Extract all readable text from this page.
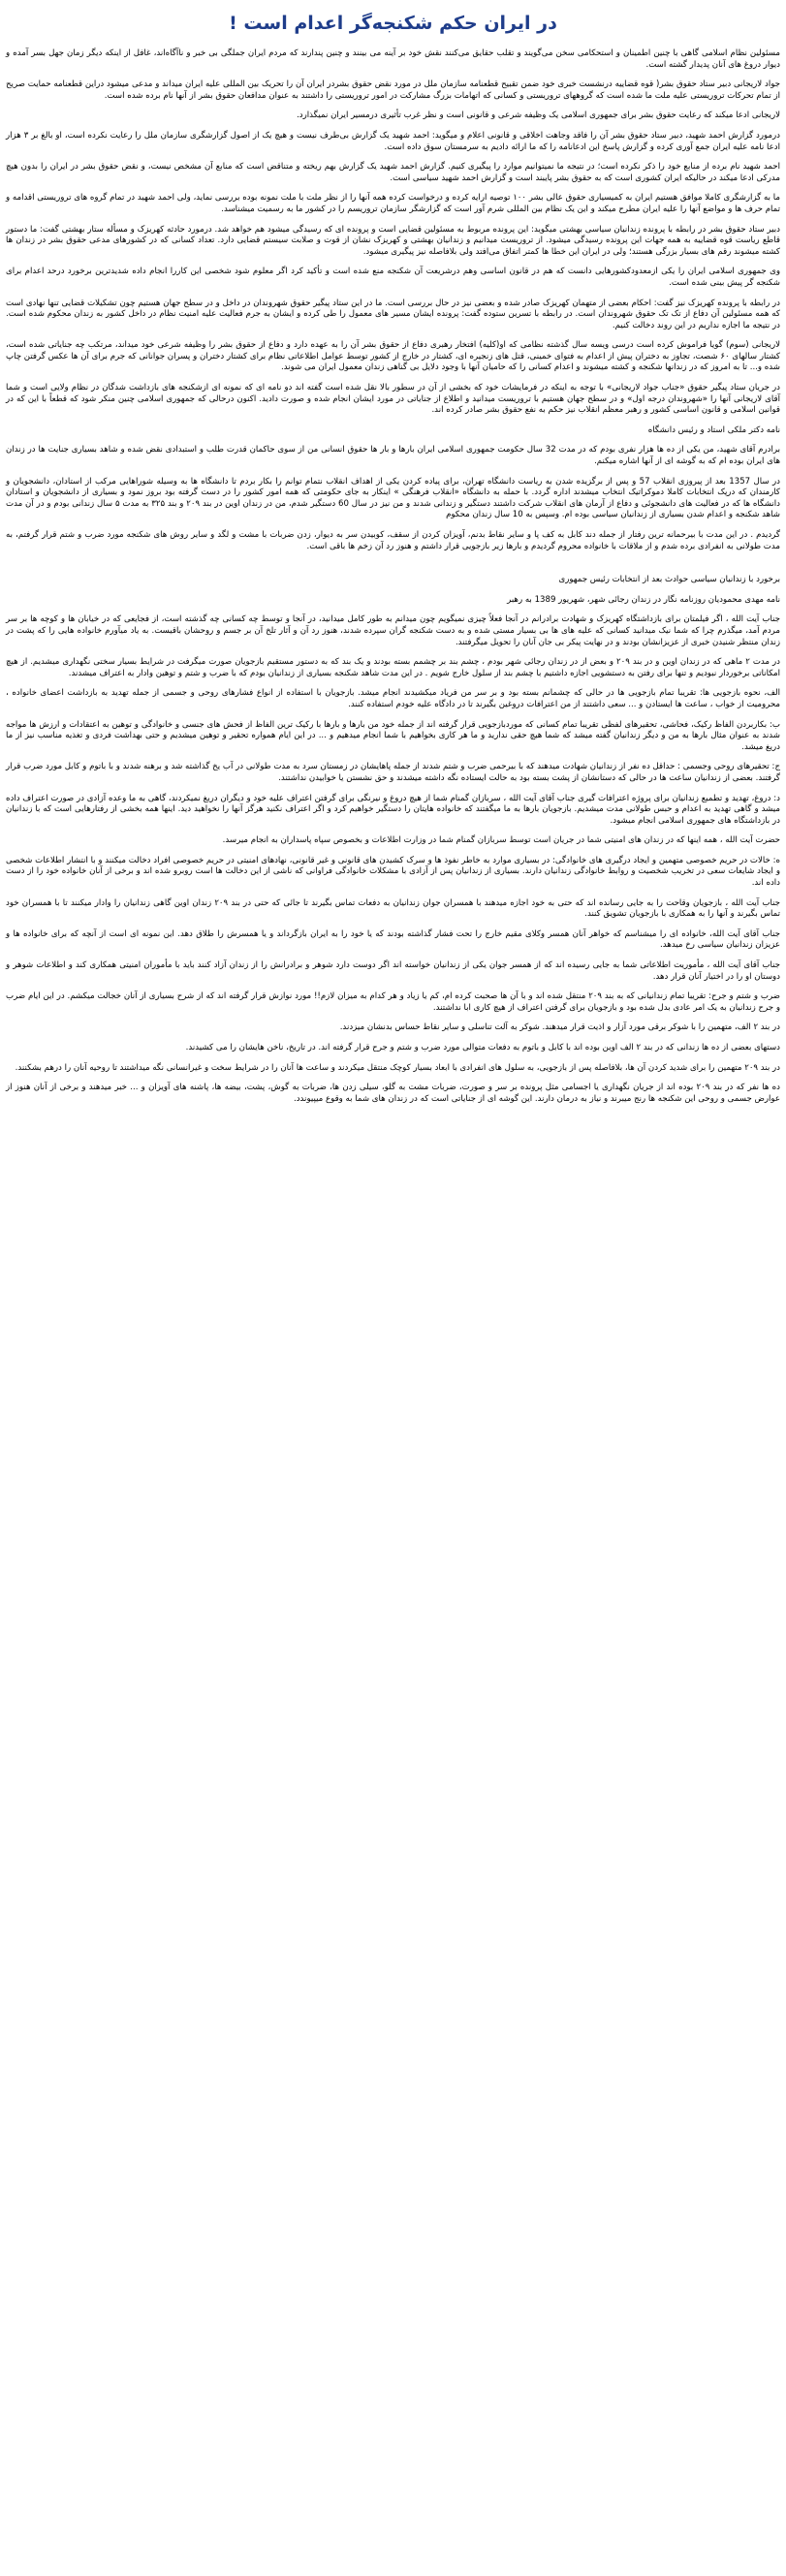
در ایران حکم شکنجه‌گر اعدام است !

مسئولین نظام اسلامی گاهی با چنین اطمینان و استحکامی سخن می‌گویند و تقلب حقایق می‌کنند نقش خود بر آینه می بینند و چنین پندارند که مردم ایران جملگی بی خبر و ناآگاه‌اند، غافل از اینکه دیگر زمان جهل بسر آمده و دیوار دروغ های آنان پدیدار گشته است.

جواد لاریجانی دبیر ستاد حقوق بشر( قوه قضاییه درنشست خبری خود ضمن تقبیح قطعنامه سازمان ملل در مورد نقض حقوق بشردر ایران آن را تحریک بین المللی علیه ایران میداند و مدعی میشود دراین قطعنامه حمایت صریح از تمام تحرکات تروریستی علیه ملت ما شده است که گروههای تروریستی و کسانی که اتهامات بزرگ مشارکت در امور تروریستی را داشتند به عنوان مدافعان حقوق بشر از آنها نام برده شده است.

لاریجانی ادعا میکند که رعایت حقوق بشر برای جمهوری اسلامی یک وظیفه شرعی و قانونی است و نظر غرب تأثیری درمسیر ایران نمیگذارد.

درمورد گزارش احمد شهید، دبیر ستاد حقوق بشر آن را فاقد وجاهت اخلاقی و قانونی اعلام و میگوید: احمد شهید یک گزارش بی‌طرف نیست و هیچ یک از اصول گزارشگری سازمان ملل را رعایت نکرده است، او بالغ بر ۳ هزار ادعا نامه علیه ایران جمع آوری کرده و گزارش پاسخ این ادعانامه را که ما ارائه دادیم به سرمستان سوق داده است.

احمد شهید نام برده از منابع خود را ذکر نکرده است؛ در نتیجه ما نمیتوانیم موارد را پیگیری کنیم. گزارش احمد شهید یک گزارش بهم ریخته و متناقض است که منابع آن مشخص نیست، و نقض حقوق بشر در ایران را بدون هیچ مدرکی ادعا میکند در حالیکه ایران کشوری است که به حقوق بشر پایبند است و گزارش احمد شهید سیاسی است.

ما به گزارشگری کاملا موافق هستیم ایران به کمیسیاری حقوق عالی بشر ۱۰۰ توصیه ارایه کرده و درخواست کرده همه آنها را از نظر ملت با ملت نمونه بوده بررسی نماید، ولی احمد شهید در تمام گروه های تروریستی اقدامه و تمام حرف ها و مواضع آنها را علیه ایران مطرح میکند و این یک نظام بین المللی شرم آور است که گزارشگر سازمان تروریسم را در کشور ما به رسمیت میشناسد.

دبیر ستاد حقوق بشر در رابطه با پرونده زندانیان سیاسی بهشتی میگوید: این پرونده مربوط به مسئولین قضایی است و پرونده ای که رسیدگی میشود هم خواهد شد. درمورد حادثه کهریزک و مسأله ستار بهشتی گفت: ما دستور قاطع ریاست قوه قضاییه به همه جهات این پرونده رسیدگی میشود. از تروریست میدانیم و زندانیان بهشتی و کهریزک نشان از قوت و صلابت سیستم قضایی دارد. تعداد کسانی که در کشورهای مدعی حقوق بشر در زندان ها کشته میشوند رقم های بسیار بزرگی هستند؛ ولی در ایران این خطا ها کمتر اتفاق می‌افتد ولی بلافاصله نیز پیگیری میشود.

وی جمهوری اسلامی ایران را یکی ازمعدودکشورهایی دانست که هم در قانون اساسی وهم درشریعت آن شکنجه منع شده است و تأکید کرد اگر معلوم شود شخصی این کاررا انجام داده شدیدترین برخورد درحد اعدام برای شکنجه گر پیش بینی شده است.

در رابطه با پرونده کهریزک نیز گفت: احکام بعضی از متهمان کهریزک صادر شده و بعضی نیز در حال بررسی است. ما در این ستاد پیگیر حقوق شهروندان در داخل و در سطح جهان هستیم چون تشکیلات قضایی تنها نهادی است که همه مسئولین آن دفاع از تک تک حقوق شهروندان است. در رابطه با تسرین ستوده گفت: پرونده ایشان مسیر های معمول را طی کرده و ایشان به جرم فعالیت علیه امنیت نظام در داخل کشور به زندان محکوم شده است. در نتیجه ما اجازه نداریم در این روند دخالت کنیم.

لاریجانی (سوم) گویا فراموش کرده است درسی ویسه سال گذشته نظامی که او(کلیه) افتخار رهبری دفاع از حقوق بشر آن را به عهده دارد و دفاع از حقوق بشر را وظیفه شرعی خود میداند، مرتکب چه جنایاتی شده است، کشتار سالهای ۶۰ شصت، تجاوز به دختران پیش از اعدام به فتوای خمینی، قتل های زنجیره ای، کشتار در خارج از کشور توسط عوامل اطلاعاتی نظام برای کشتار دختران و پسران جوانانی که جرم برای آن ها عکس گرفتن چاپ شده و... تا به امروز که در زندانها شکنجه و کشته میشوند و اعدام کسانی را که حامیان آنها با وجود دلایل بی گناهی زندان معمول ایران می شوند.

در جریان ستاد پیگیر حقوق «جناب جواد لاریجانی» با توجه به اینکه در فرمایشات خود که بخشی از آن در سطور بالا نقل شده است گفته اند دو نامه ای که نمونه ای ازشکنجه های بازداشت شدگان در نظام ولایی است و شما آقای لاریجانی آنها را «شهروندان درجه اول» و در سطح جهان هستیم با تروریست میدانید و اطلاع از جنایاتی در مورد ایشان انجام شده و صورت دادید. اکنون درحالی که جمهوری اسلامی چنین منکر شود که قطعاً با این که در قوانین اسلامی و قانون اساسی کشور و رهبر معظم انقلاب نیز حکم به نفع حقوق بشر صادر کرده اند.

نامه دکتر ملکی استاد و رئیس دانشگاه

برادرم آقای شهید، من یکی از ده ها هزار نفری بودم که در مدت 32 سال حکومت جمهوری اسلامی ایران بارها و بار ها حقوق انسانی من از سوی حاکمان قدرت طلب و استبدادی نقض شده و شاهد بسیاری جنایت ها در زندان های ایران بوده ام که به گوشه ای از آنها اشاره میکنم.

در سال 1357 بعد از پیروزی انقلاب 57 و پس از برگزیده شدن به ریاست دانشگاه تهران، برای پیاده کردن یکی از اهداف انقلاب نتمام توانم را بکار بردم تا دانشگاه ها به وسیله شوراهایی مرکب از استادان، دانشجویان و کارمندان که درپک انتخابات کاملا دموکراتیک انتخاب میشدند اداره گردد. با حمله به دانشگاه «انقلاب فرهنگی » اینکار به جای حکومتی که همه امور کشور را در دست گرفته بود بروز نمود و بسیاری از دانشجویان و استادان دانشگاه ها که در فعالیت های دانشجوئی و دفاع از آرمان های انقلاب شرکت داشتند دستگیر و زندانی شدند و من نیز در سال 60 دستگیر شدم، من در زندان اوین در بند ۲۰۹ و بند ۳۲۵ به مدت ۵ سال زندانی بودم و در آن مدت شاهد شکنجه و اعدام شدن بسیاری از زندانیان سیاسی بوده ام. وسپس به 10 سال زندان محکوم

گردیدم . در این مدت با بیرحمانه ترین رفتار از جمله دند کابل به کف پا و سایر نقاط بدنم، آویزان کردن از سقف، کوبیدن سر به دیوار، زدن ضربات با مشت و لگد و سایر روش های شکنجه مورد ضرب و شتم قرار گرفتم، به مدت طولانی به انفرادی برده شدم و از ملاقات با خانواده محروم گردیدم و بارها زیر بازجویی قرار داشتم و هنوز رد آن زخم ها باقی است.

برخورد با زندانیان سیاسی حوادث بعد از انتخابات رئیس جمهوری

نامه مهدی محمودیان روزنامه نگار در زندان رجائی شهر، شهریور 1389 به رهبر

جناب آیت الله ، اگر فیلمتان برای بازداشتگاه کهریزک و شهادت برادرانم در آنجا فعلاً چیزی نمیگویم چون میدانم به طور کامل میدانید، در آنجا و توسط چه کسانی چه گذشته است، از فجایعی که در خیابان ها و کوچه ها بر سر مردم آمد، میگذرم چرا که شما نیک میدانید کسانی که علیه های ها بی بسیار مستی شده و به دست شکنجه گران سپرده شدند، هنوز رد آن و آثار تلخ آن بر جسم و روحشان باقیست. به یاد میآورم خانواده هایی را که پشت در زندان منتظر شنیدن خبری از عزیزانشان بودند و در نهایت پیکر بی جان آنان را تحویل میگرفتند.

در مدت ۲ ماهی که در زندان اوین و در بند ۲۰۹ و بعض از در زندان رجائی شهر بودم ، چشم بند بر چشمم بسته بودند و یک بند که به دستور مستقیم بازجویان صورت میگرفت در شرایط بسیار سختی نگهداری میشدیم. از هیچ امکاناتی برخوردار نبودیم و تنها برای رفتن به دستشویی اجازه داشتیم با چشم بند از سلول خارج شویم . در این مدت شاهد شکنجه بسیاری از زندانیان بودم که با ضرب و شتم و توهین وادار به اعتراف میشدند.

الف، نحوه بازجویی ها: تقریبا تمام بازجویی ها در حالی که چشمانم بسته بود و بر سر من فریاد میکشیدند انجام میشد. بازجویان با استفاده از انواع فشارهای روحی و جسمی از جمله تهدید به بازداشت اعضای خانواده ، محرومیت از خواب ، ساعت ها ایستادن و ... سعی داشتند از من اعترافات دروغین بگیرند تا در دادگاه علیه خودم استفاده کنند.

ب: بکاربردن الفاظ رکیک، فحاشی، تحقیرهای لفظی تقریبا تمام کسانی که موردبازجویی قرار گرفته اند از جمله خود من بارها و بارها با رکیک ترین الفاظ از فحش های جنسی و خانوادگی و توهین به اعتقادات و ارزش ها مواجه شدند به عنوان مثال بارها به من و دیگر زندانیان گفته میشد که شما هیچ حقی ندارید و ما هر کاری بخواهیم با شما انجام میدهیم و ... در این ایام همواره تحقیر و توهین میشدیم و حتی بهداشت فردی و تغذیه مناسب نیز از ما دریغ میشد.

ج: تحقیرهای روحی وجسمی : حداقل ده نفر از زندانیان شهادت میدهند که با بیرحمی ضرب و شتم شدند از جمله پاهایشان در زمستان سرد به مدت طولانی در آب یخ گذاشته شد و برهنه شدند و با باتوم و کابل مورد ضرب قرار گرفتند. بعضی از زندانیان ساعت ها در حالی که دستانشان از پشت بسته بود به حالت ایستاده نگه داشته میشدند و حق نشستن یا خوابیدن نداشتند.

د: دروغ، تهدید و تطمیع زندانیان برای پروژه اعترافات گیری جناب آقای آیت الله ، سربازان گمنام شما از هیچ دروغ و نیرنگی برای گرفتن اعتراف علیه خود و دیگران دریغ نمیکردند، گاهی به ما وعده آزادی در صورت اعتراف داده میشد و گاهی تهدید به اعدام و حبس طولانی مدت میشدیم. بازجویان بارها به ما میگفتند که خانواده هایتان را دستگیر خواهیم کرد و اگر اعتراف نکنید هرگز آنها را نخواهید دید. اینها همه بخشی از رفتارهایی است که با زندانیان در بازداشتگاه های جمهوری اسلامی انجام میشود.

حضرت آیت الله ، همه اینها که در زندان های امنیتی شما در جریان است توسط سربازان گمنام شما در وزارت اطلاعات و بخصوص سپاه پاسداران به انجام میرسد.

ه: خالات در حریم خصوصی متهمین و ایجاد درگیری های خانوادگی: در بسیاری موارد به خاطر نفوذ ها و سرک کشیدن های قانونی و غیر قانونی، نهادهای امنیتی در حریم خصوصی افراد دخالت میکنند و با انتشار اطلاعات شخصی و ایجاد شایعات سعی در تخریب شخصیت و روابط خانوادگی زندانیان دارند. بسیاری از زندانیان پس از آزادی با مشکلات خانوادگی فراوانی که ناشی از این دخالت ها است روبرو شده اند و برخی از آنان خانواده خود را از دست داده اند.

جناب آیت الله ، بازجویان وقاحت را به جایی رسانده اند که حتی به خود اجازه میدهند با همسران جوان زندانیان به دفعات تماس بگیرند تا جائی که حتی در بند ۲۰۹ زندان اوین گاهی زندانیان را وادار میکنند تا با همسران خود تماس بگیرند و آنها را به همکاری با بازجویان تشویق کنند.

جناب آقای آیت الله، خانواده ای را میشناسم که خواهر آنان همسر وکلای مقیم خارج را تحت فشار گذاشته بودند که یا خود را به ایران بازگرداند و یا همسرش را طلاق دهد. این نمونه ای است از آنچه که برای خانواده ها و عزیزان زندانیان سیاسی رخ میدهد.

جناب آقای آیت الله ، مأموریت اطلاعاتی شما به جایی رسیده اند که از همسر جوان یکی از زندانیان خواسته اند اگر دوست دارد شوهر و برادرانش را از زندان آزاد کنند باید با مأموران امنیتی همکاری کند و اطلاعات شوهر و دوستان او را در اختیار آنان قرار دهد.

ضرب و شتم و جرح: تقریبا تمام زندانیانی که به بند ۲۰۹ منتقل شده اند و با آن ها صحبت کرده ام، کم یا زیاد و هر کدام به میزان لازم!! مورد نوازش قرار گرفته اند که از شرح بسیاری از آنان خجالت میکشم. در این ایام ضرب و جرح زندانیان به یک امر عادی بدل شده بود و بازجویان برای گرفتن اعتراف از هیچ کاری ابا نداشتند.

در بند ۲ الف، متهمین را با شوکر برقی مورد آزار و اذیت قرار میدهند. شوکر به آلت تناسلی و سایر نقاط حساس بدنشان میزدند.

دستهای بعضی از ده ها زندانی که در بند ۲ الف اوین بوده اند با کابل و باتوم به دفعات متوالی مورد ضرب و شتم و جرح قرار گرفته اند. در تاریخ، ناخن هایشان را می کشیدند.

در بند ۲۰۹ متهمین را برای شدید کردن آن ها، بلافاصله پس از بازجویی، به سلول های انفرادی با ابعاد بسیار کوچک منتقل میکردند و ساعت ها آنان را در شرایط سخت و غیرانسانی نگه میداشتند تا روحیه آنان را درهم بشکنند.

ده ها نفر که در بند ۲۰۹ بوده اند از جریان نگهداری یا اجسامی مثل پرونده بر سر و صورت، ضربات مشت به گلو، سیلی زدن ها، ضربات به گوش، پشت، بیضه ها، پاشنه های آویزان و ... خبر میدهند و برخی از آنان هنوز از عوارض جسمی و روحی این شکنجه ها رنج میبرند و نیاز به درمان دارند. این گوشه ای از جنایاتی است که در زندان های شما به وقوع میپیوندد.
